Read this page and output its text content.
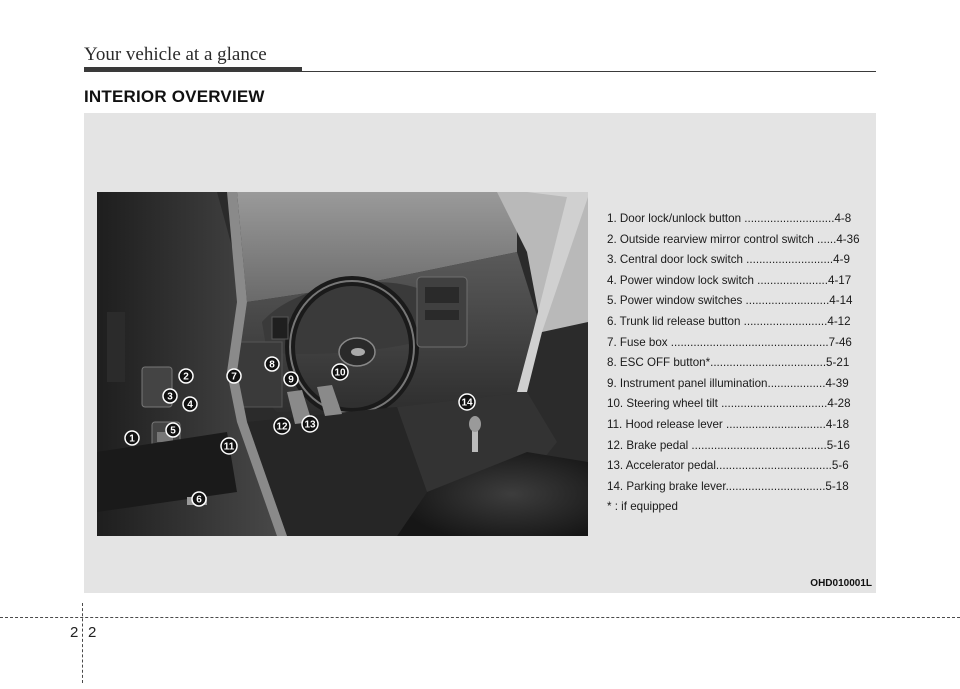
Your vehicle at a glance
INTERIOR OVERVIEW
1
2
3
4
5
6
7
8
9
10
11
12 13
14
1. Door lock/unlock button ............................4-8
2. Outside rearview mirror control switch ......4-36
3. Central door lock switch ...........................4-9
4. Power window lock switch ......................4-17
5. Power window switches ..........................4-14
6. Trunk lid release button ..........................4-12
7. Fuse box .................................................7-46
8. ESC OFF button*....................................5-21
9. Instrument panel illumination..................4-39
10. Steering wheel tilt .................................4-28
11. Hood release lever ...............................4-18
12. Brake pedal ..........................................5-16
13. Accelerator pedal....................................5-6
14. Parking brake lever...............................5-18
* : if equipped
OHD010001L
2 2
